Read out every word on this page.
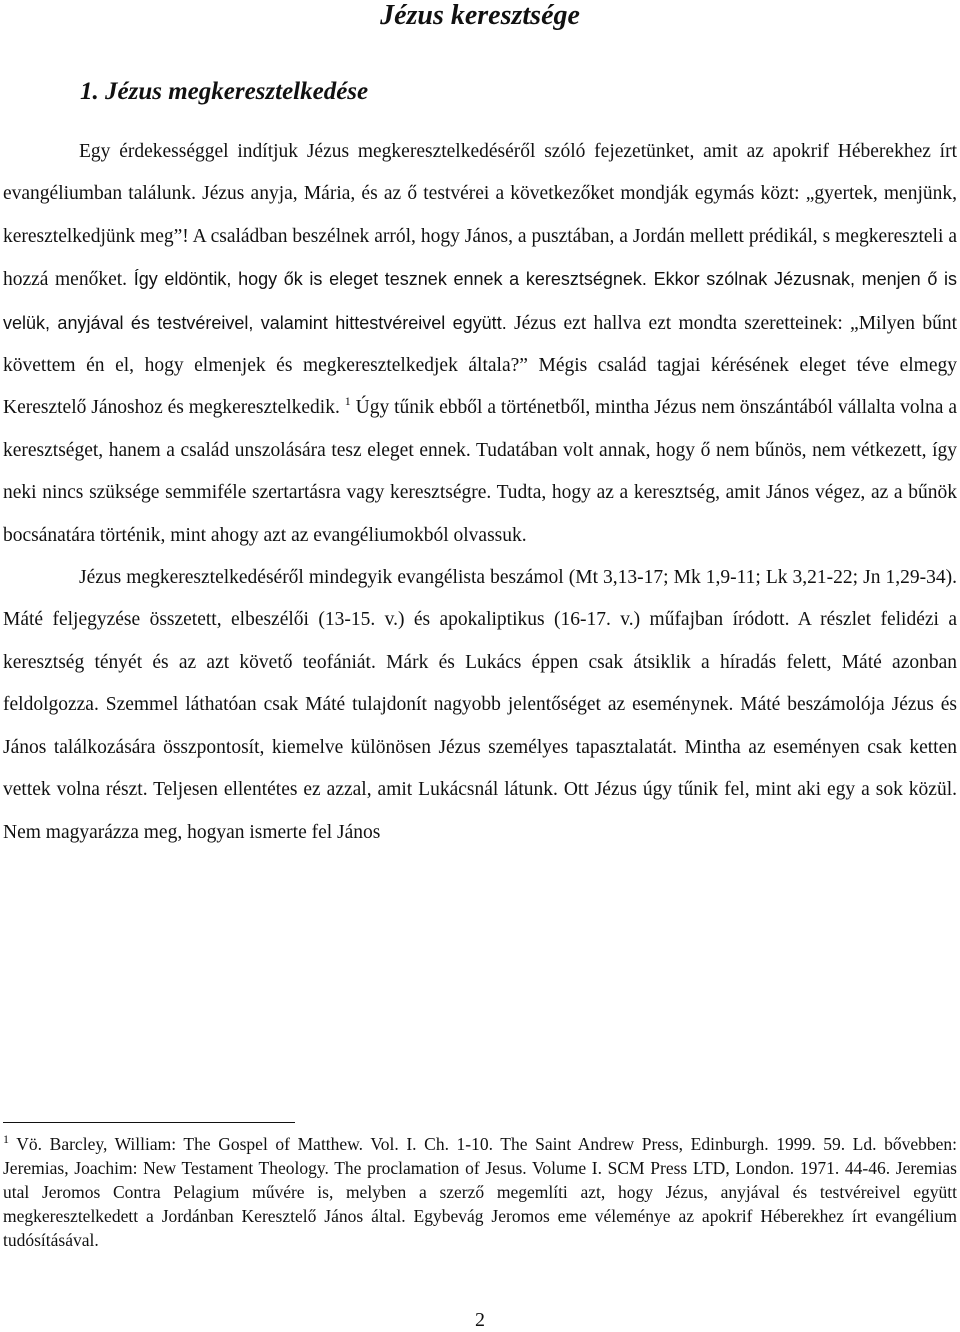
Jézus keresztsége
1. Jézus megkeresztelkedése

Egy érdekességgel indítjuk Jézus megkeresztelkedéséről szóló fejezetünket, amit az apokrif Héberekhez írt evangéliumban találunk. Jézus anyja, Mária, és az ő testvérei a következőket mondják egymás közt: „gyertek, menjünk, keresztelkedjünk meg”! A családban beszélnek arról, hogy János, a pusztában, a Jordán mellett prédikál, s megkereszteli a hozzá menőket. Így eldöntik, hogy ők is eleget tesznek ennek a keresztségnek. Ekkor szólnak Jézusnak, menjen ő is velük, anyjával és testvéreivel, valamint hittestvéreivel együtt. Jézus ezt hallva ezt mondta szeretteinek: „Milyen bűnt követtem én el, hogy elmenjek és megkeresztelkedjek általa?” Mégis család tagjai kérésének eleget téve elmegy Keresztelő Jánoshoz és megkeresztelkedik. $^1$ Úgy tűnik ebből a történetből, mintha Jézus nem önszántából vállalta volna a keresztséget, hanem a család unszolására tesz eleget ennek. Tudatában volt annak, hogy ő nem bűnös, nem vétkezett, így neki nincs szüksége semmiféle szertartásra vagy keresztségre. Tudta, hogy az a keresztség, amit János végez, az a bűnök bocsánatára történik, mint ahogy azt az evangéliumokból olvassuk.

Jézus megkeresztelkedéséről mindegyik evangélista beszámol (Mt 3,13-17; Mk 1,9-11; Lk 3,21-22; Jn 1,29-34). Máté feljegyzése összetett, elbeszélői (13-15. v.) és apokaliptikus (16-17. v.) műfajban íródott. A részlet felidézi a keresztség tényét és az azt követő teofániát. Márk és Lukács éppen csak átsiklik a híradás felett, Máté azonban feldolgozza. Szemmel láthatóan csak Máté tulajdonít nagyobb jelentőséget az eseménynek. Máté beszámolója Jézus és János találkozására összpontosít, kiemelve különösen Jézus személyes tapasztalatát. Mintha az eseményen csak ketten vettek volna részt. Teljesen ellentétes ez azzal, amit Lukácsnál látunk. Ott Jézus úgy tűnik fel, mint aki egy a sok közül. Nem magyarázza meg, hogyan ismerte fel János

$^1$ Vö. Barcley, William: The Gospel of Matthew. Vol. I. Ch. 1-10. The Saint Andrew Press, Edinburgh. 1999. 59. Ld. bővebben: Jeremias, Joachim: New Testament Theology. The proclamation of Jesus. Volume I. SCM Press LTD, London. 1971. 44-46. Jeremias utal Jeromos Contra Pelagium művére is, melyben a szerző megemlíti azt, hogy Jézus, anyjával és testvéreivel együtt megkeresztelkedett a Jordánban Keresztelő János által. Egybevág Jeromos eme véleménye az apokrif Héberekhez írt evangélium tudósításával.
2
